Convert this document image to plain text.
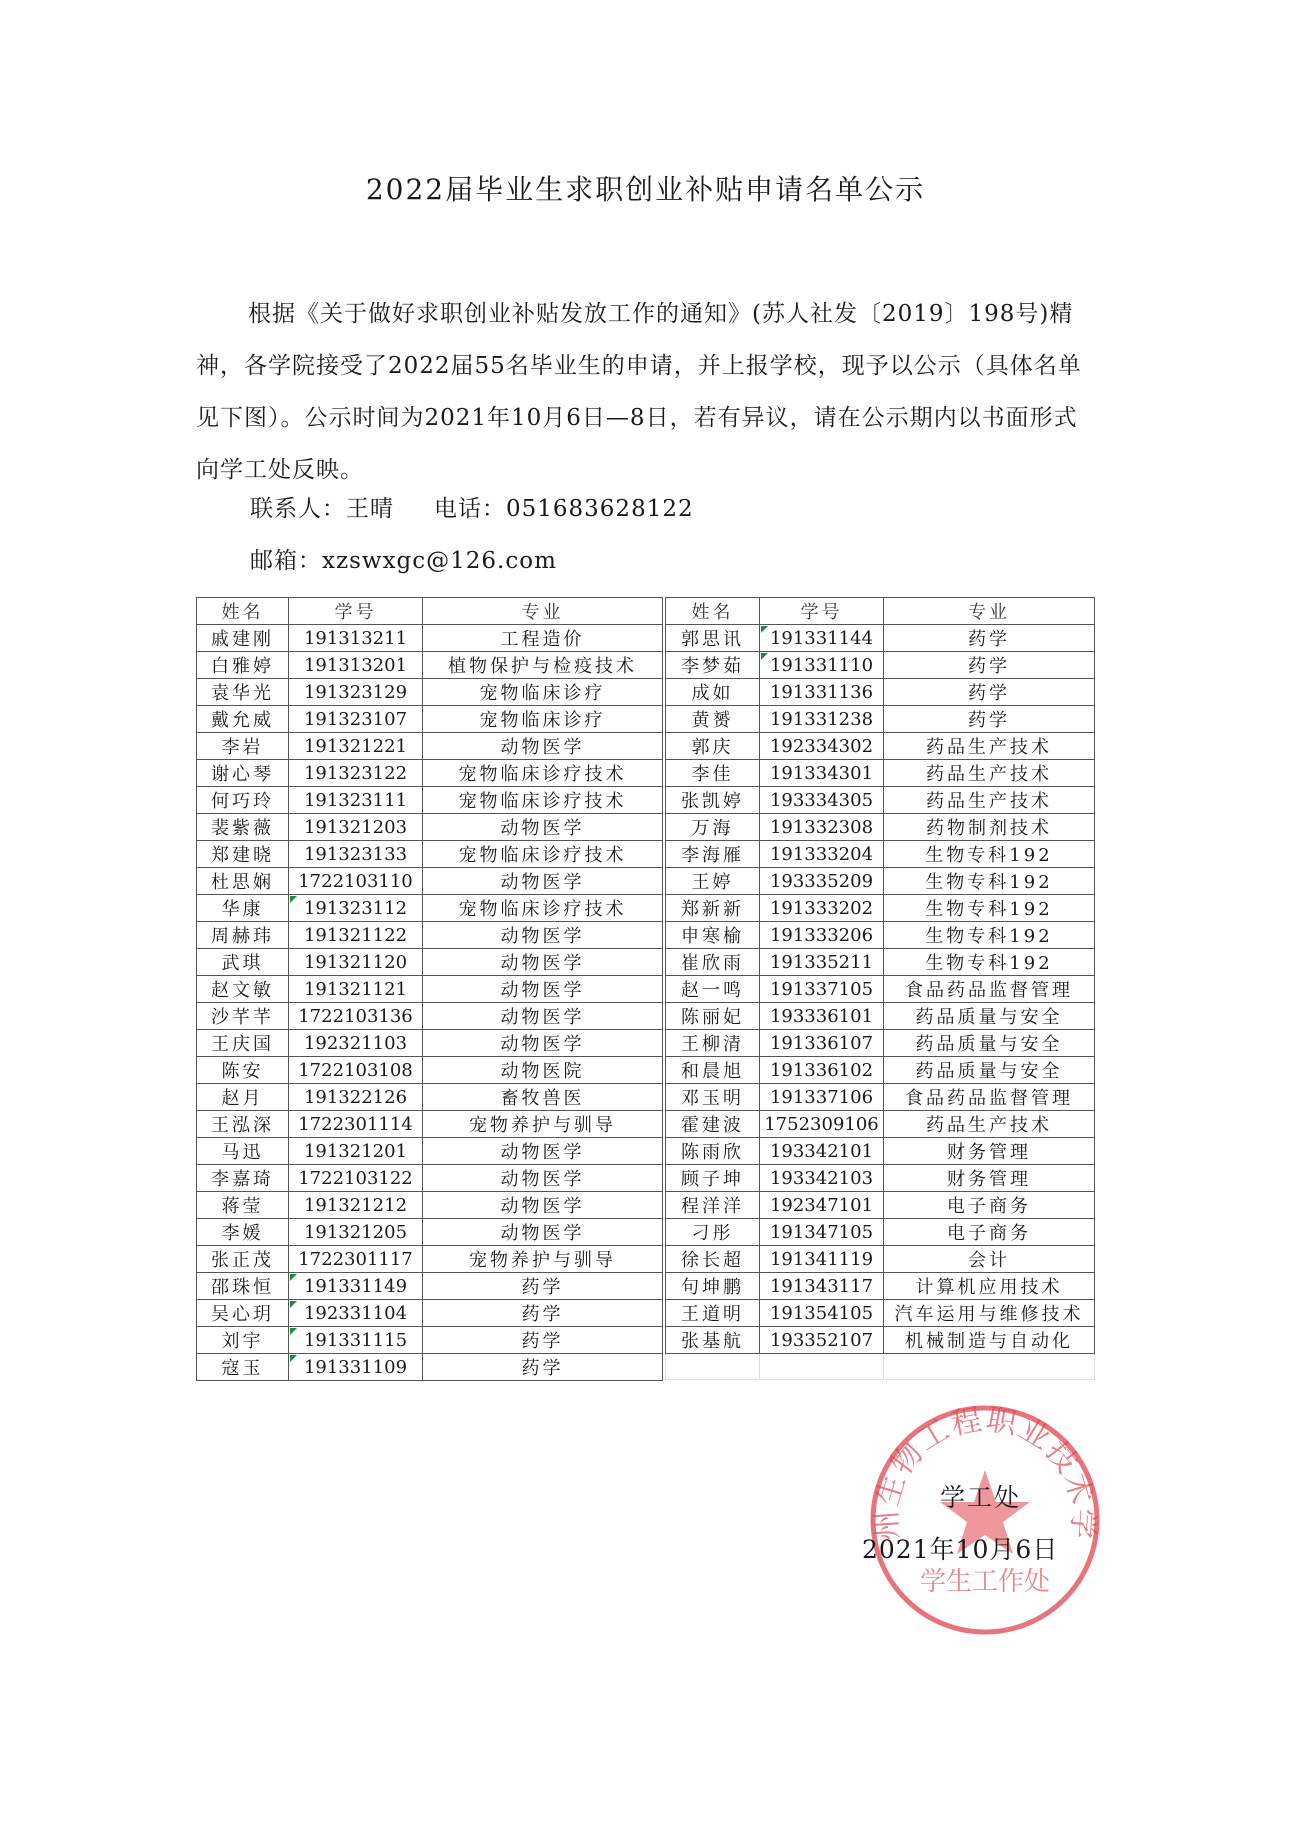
2022届毕业生求职创业补贴申请名单公示

根据《关于做好求职创业补贴发放工作的通知》(苏人社发〔2019〕198号)精神，各学院接受了2022届55名毕业生的申请，并上报学校，现予以公示（具体名单见下图）。公示时间为2021年10月6日—8日，若有异议，请在公示期内以书面形式向学工处反映。

联系人：王晴 电话：051683628122
邮箱：xzswxgc@126.com
姓名	学号	专业
戚建刚	191313211	工程造价
白雅婷	191313201	植物保护与检疫技术
袁华光	191323129	宠物临床诊疗
戴允威	191323107	宠物临床诊疗
李岩	191321221	动物医学
谢心琴	191323122	宠物临床诊疗技术
何巧玲	191323111	宠物临床诊疗技术
裴紫薇	191321203	动物医学
郑建晓	191323133	宠物临床诊疗技术
杜思娴	1722103110	动物医学
华康	191323112	宠物临床诊疗技术
周赫玮	191321122	动物医学
武琪	191321120	动物医学
赵文敏	191321121	动物医学
沙芊芊	1722103136	动物医学
王庆国	192321103	动物医学
陈安	1722103108	动物医院
赵月	191322126	畜牧兽医
王泓深	1722301114	宠物养护与驯导
马迅	191321201	动物医学
李嘉琦	1722103122	动物医学
蒋莹	191321212	动物医学
李媛	191321205	动物医学
张正茂	1722301117	宠物养护与驯导
邵珠恒	191331149	药学
吴心玥	192331104	药学
刘宇	191331115	药学
寇玉	191331109	药学
姓名	学号	专业
郭思讯	191331144	药学
李梦茹	191331110	药学
成如	191331136	药学
黄赟	191331238	药学
郭庆	192334302	药品生产技术
李佳	191334301	药品生产技术
张凯婷	193334305	药品生产技术
万海	191332308	药物制剂技术
李海雁	191333204	生物专科192
王婷	193335209	生物专科192
郑新新	191333202	生物专科192
申寒榆	191333206	生物专科192
崔欣雨	191335211	生物专科192
赵一鸣	191337105	食品药品监督管理
陈丽妃	193336101	药品质量与安全
王柳清	191336107	药品质量与安全
和晨旭	191336102	药品质量与安全
邓玉明	191337106	食品药品监督管理
霍建波	1752309106	药品生产技术
陈雨欣	193342101	财务管理
顾子坤	193342103	财务管理
程洋洋	192347101	电子商务
刁彤	191347105	电子商务
徐长超	191341119	会计
句坤鹏	191343117	计算机应用技术
王道明	191354105	汽车运用与维修技术
张基航	193352107	机械制造与自动化

州生物工程职业技术学
学生工作处
学工处
2021年10月6日
